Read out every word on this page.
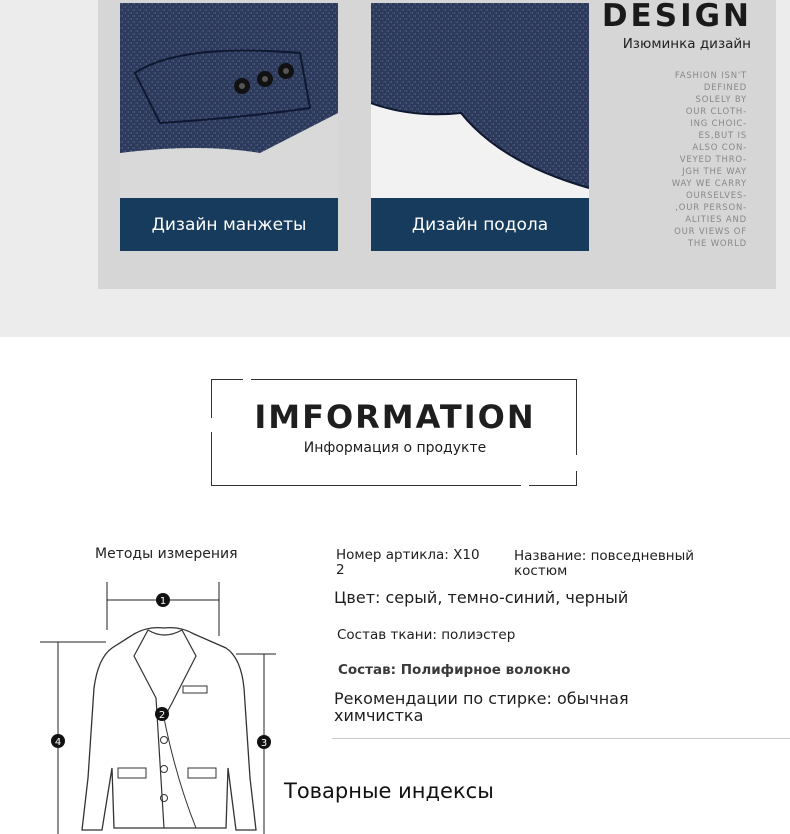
Дизайн манжеты	Дизайн подола
DESIGN
Изюминка дизайн
FASHION ISN'T
DEFINED
SOLELY BY
OUR CLOTH-
ING CHOIC-
ES,BUT IS
ALSO CON-
VEYED THRO-
JGH THE WAY
WAY WE CARRY
OURSELVES-
,OUR PERSON-
ALITIES AND
OUR VIEWS OF
THE WORLD
IMFORMATION
Информация о продукте
Методы измерения
1
2
3
4
Номер артикла: X10 2
Название: повседневный костюм
Цвет: серый, темно-синий, черный
Состав ткани: полиэстер
Состав: Полифирное волокно
Рекомендации по стирке: обычная химчистка
Товарные индексы
